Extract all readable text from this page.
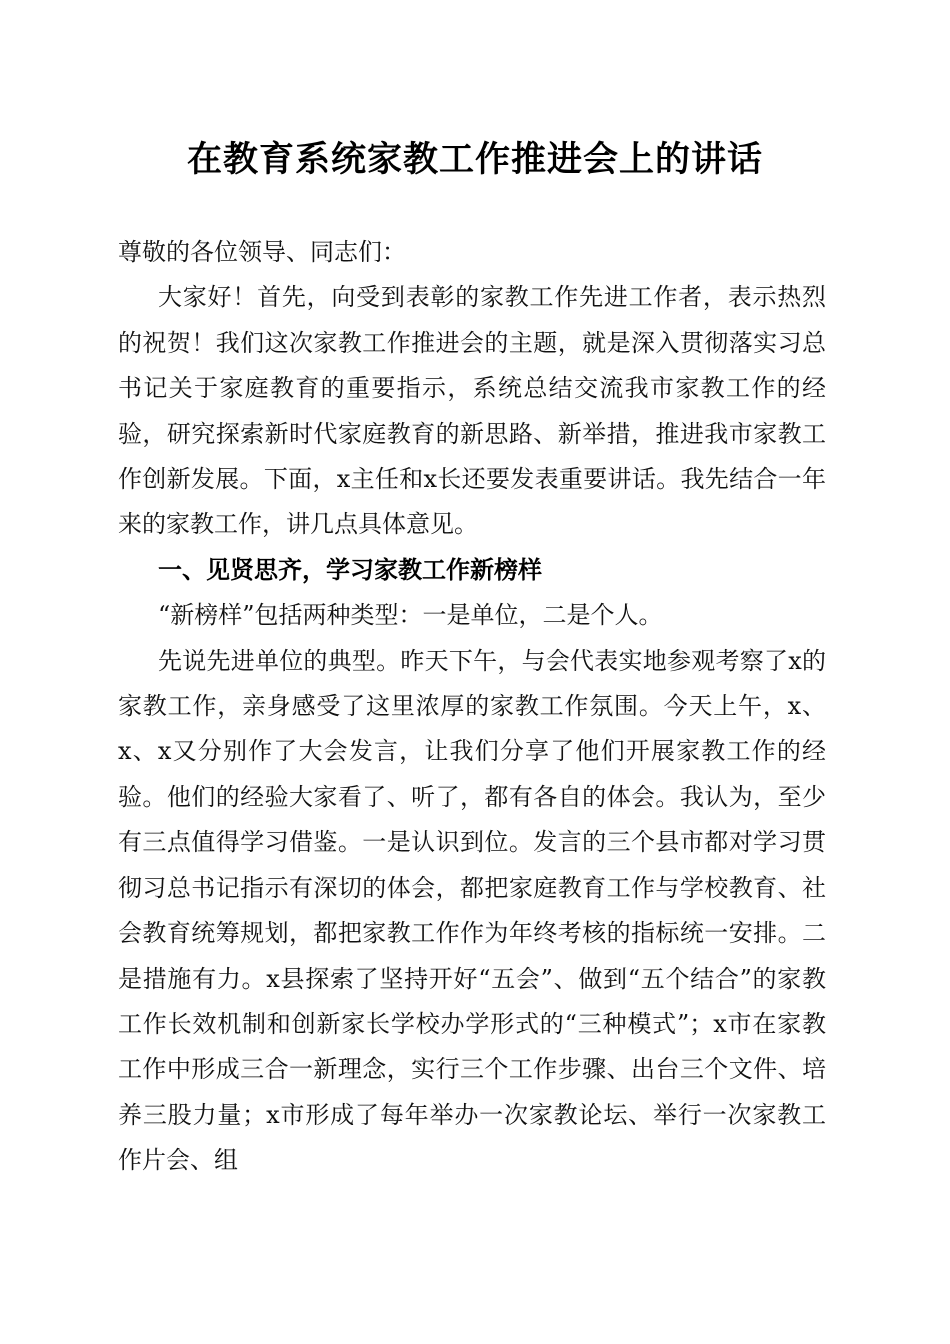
在教育系统家教工作推进会上的讲话

尊敬的各位领导、同志们：

大家好！首先，向受到表彰的家教工作先进工作者，表示热烈的祝贺！我们这次家教工作推进会的主题，就是深入贯彻落实习总书记关于家庭教育的重要指示，系统总结交流我市家教工作的经验，研究探索新时代家庭教育的新思路、新举措，推进我市家教工作创新发展。下面，x主任和x长还要发表重要讲话。我先结合一年来的家教工作，讲几点具体意见。

一、见贤思齐，学习家教工作新榜样

“新榜样”包括两种类型：一是单位，二是个人。

先说先进单位的典型。昨天下午，与会代表实地参观考察了x的家教工作，亲身感受了这里浓厚的家教工作氛围。今天上午，x、x、x又分别作了大会发言，让我们分享了他们开展家教工作的经验。他们的经验大家看了、听了，都有各自的体会。我认为，至少有三点值得学习借鉴。一是认识到位。发言的三个县市都对学习贯彻习总书记指示有深切的体会，都把家庭教育工作与学校教育、社会教育统筹规划，都把家教工作作为年终考核的指标统一安排。二是措施有力。x县探索了坚持开好“五会”、做到“五个结合”的家教工作长效机制和创新家长学校办学形式的“三种模式”；x市在家教工作中形成三合一新理念，实行三个工作步骤、出台三个文件、培养三股力量；x市形成了每年举办一次家教论坛、举行一次家教工作片会、组
